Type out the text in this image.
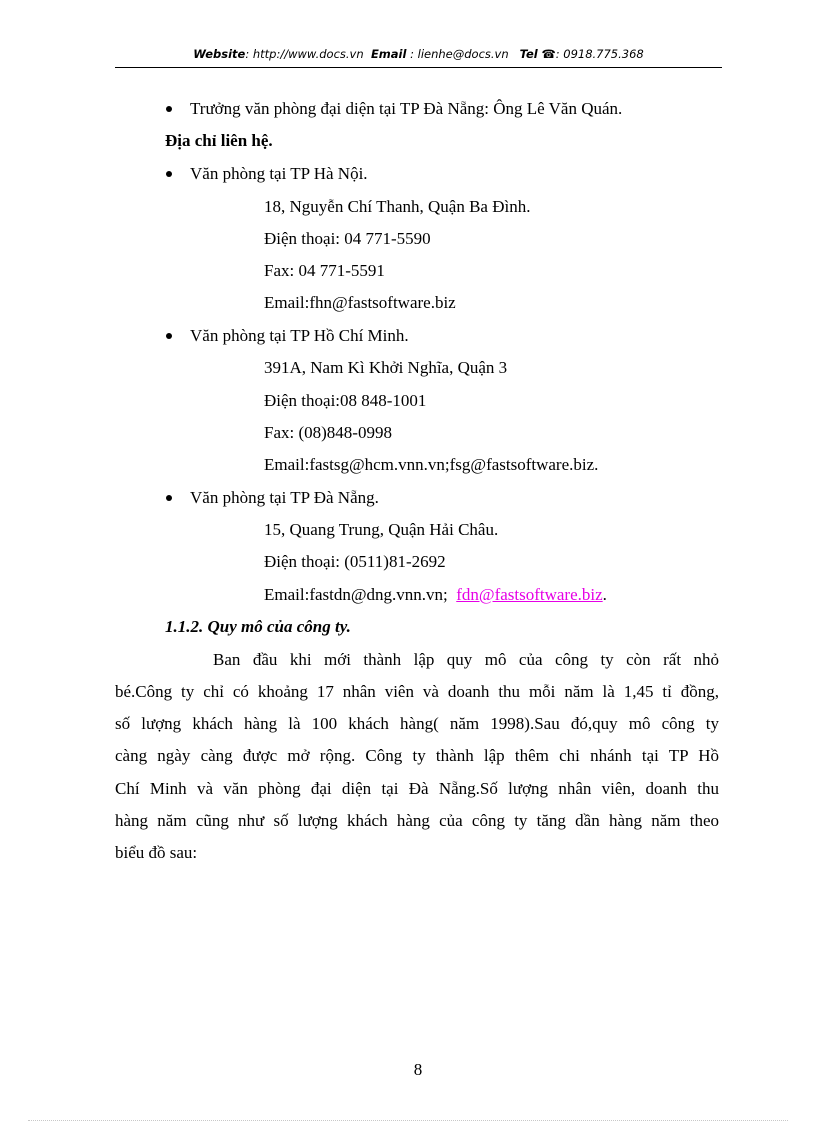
Website: http://www.docs.vn Email : lienhe@docs.vn Tel ☎: 0918.775.368
Trưởng văn phòng đại diện tại TP Đà Nẵng: Ông Lê Văn Quán.
Địa chỉ liên hệ.
Văn phòng tại TP Hà Nội.
18, Nguyễn Chí Thanh, Quận Ba Đình.
Điện thoại: 04 771-5590
Fax: 04 771-5591
Email:fhn@fastsoftware.biz
Văn phòng tại TP Hồ Chí Minh.
391A, Nam Kì Khởi Nghĩa, Quận 3
Điện thoại:08 848-1001
Fax: (08)848-0998
Email:fastsg@hcm.vnn.vn;fsg@fastsoftware.biz.
Văn phòng tại TP Đà Nẵng.
15, Quang Trung, Quận Hải Châu.
Điện thoại: (0511)81-2692
Email:fastdn@dng.vnn.vn; fdn@fastsoftware.biz.
1.1.2. Quy mô của công ty.
Ban đầu khi mới thành lập quy mô của công ty còn rất nhỏ
bé.Công ty chỉ có khoảng 17 nhân viên và doanh thu mỗi năm là 1,45 tỉ đồng,
số lượng khách hàng là 100 khách hàng( năm 1998).Sau đó,quy mô công ty
càng ngày càng được mở rộng. Công ty thành lập thêm chi nhánh tại TP Hồ
Chí Minh và văn phòng đại diện tại Đà Nẵng.Số lượng nhân viên, doanh thu
hàng năm cũng như số lượng khách hàng của công ty tăng dần hàng năm theo
biểu đồ sau:
8
